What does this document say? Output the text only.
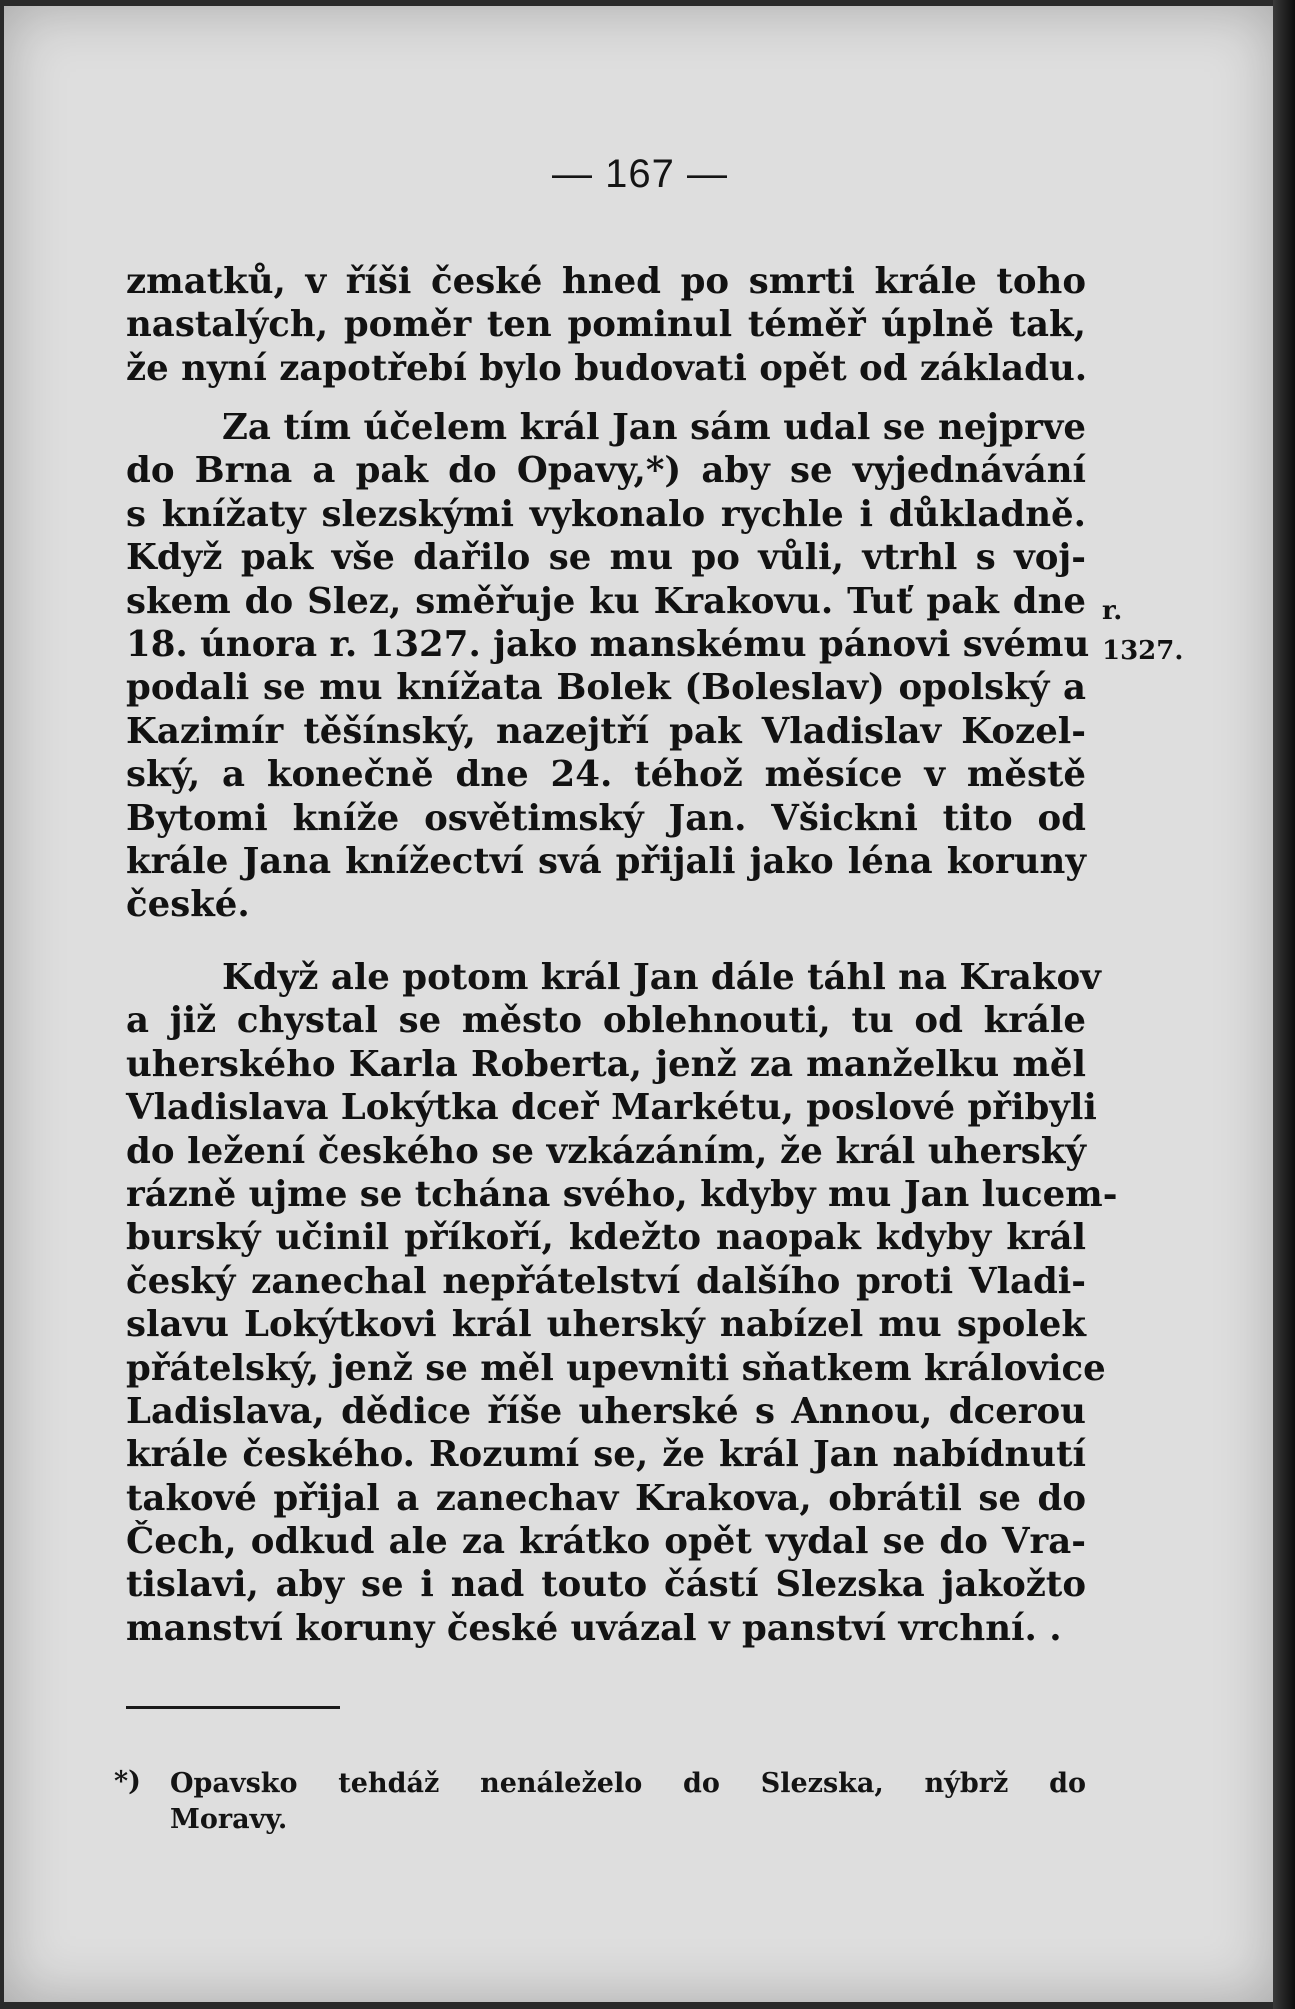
— 167 —
zmatků, v říši české hned po smrti krále toho
nastalých, poměr ten pominul téměř úplně tak,
že nyní zapotřebí bylo budovati opět od základu.
Za tím účelem král Jan sám udal se nejprve
do Brna a pak do Opavy,*) aby se vyjednávání
s knížaty slezskými vykonalo rychle i důkladně.
Když pak vše dařilo se mu po vůli, vtrhl s voj-
skem do Slez, směřuje ku Krakovu. Tuť pak dne
18. února r. 1327. jako manskému pánovi svému
podali se mu knížata Bolek (Boleslav) opolský a
Kazimír těšínský, nazejtří pak Vladislav Kozel-
ský, a konečně dne 24. téhož měsíce v městě
Bytomi kníže osvětimský Jan. Všickni tito od
krále Jana knížectví svá přijali jako léna koruny
české.
r.
1327.
Když ale potom král Jan dále táhl na Krakov
a již chystal se město oblehnouti, tu od krále
uherského Karla Roberta, jenž za manželku měl
Vladislava Lokýtka dceř Markétu, poslové přibyli
do ležení českého se vzkázáním, že král uherský
rázně ujme se tchána svého, kdyby mu Jan lucem-
burský učinil příkoří, kdežto naopak kdyby král
český zanechal nepřátelství dalšího proti Vladi-
slavu Lokýtkovi král uherský nabízel mu spolek
přátelský, jenž se měl upevniti sňatkem královice
Ladislava, dědice říše uherské s Annou, dcerou
krále českého. Rozumí se, že král Jan nabídnutí
takové přijal a zanechav Krakova, obrátil se do
Čech, odkud ale za krátko opět vydal se do Vra-
tislavi, aby se i nad touto částí Slezska jakožto
manství koruny české uvázal v panství vrchní. .
*) Opavsko tehdáž nenáleželo do Slezska, nýbrž do
Moravy.
